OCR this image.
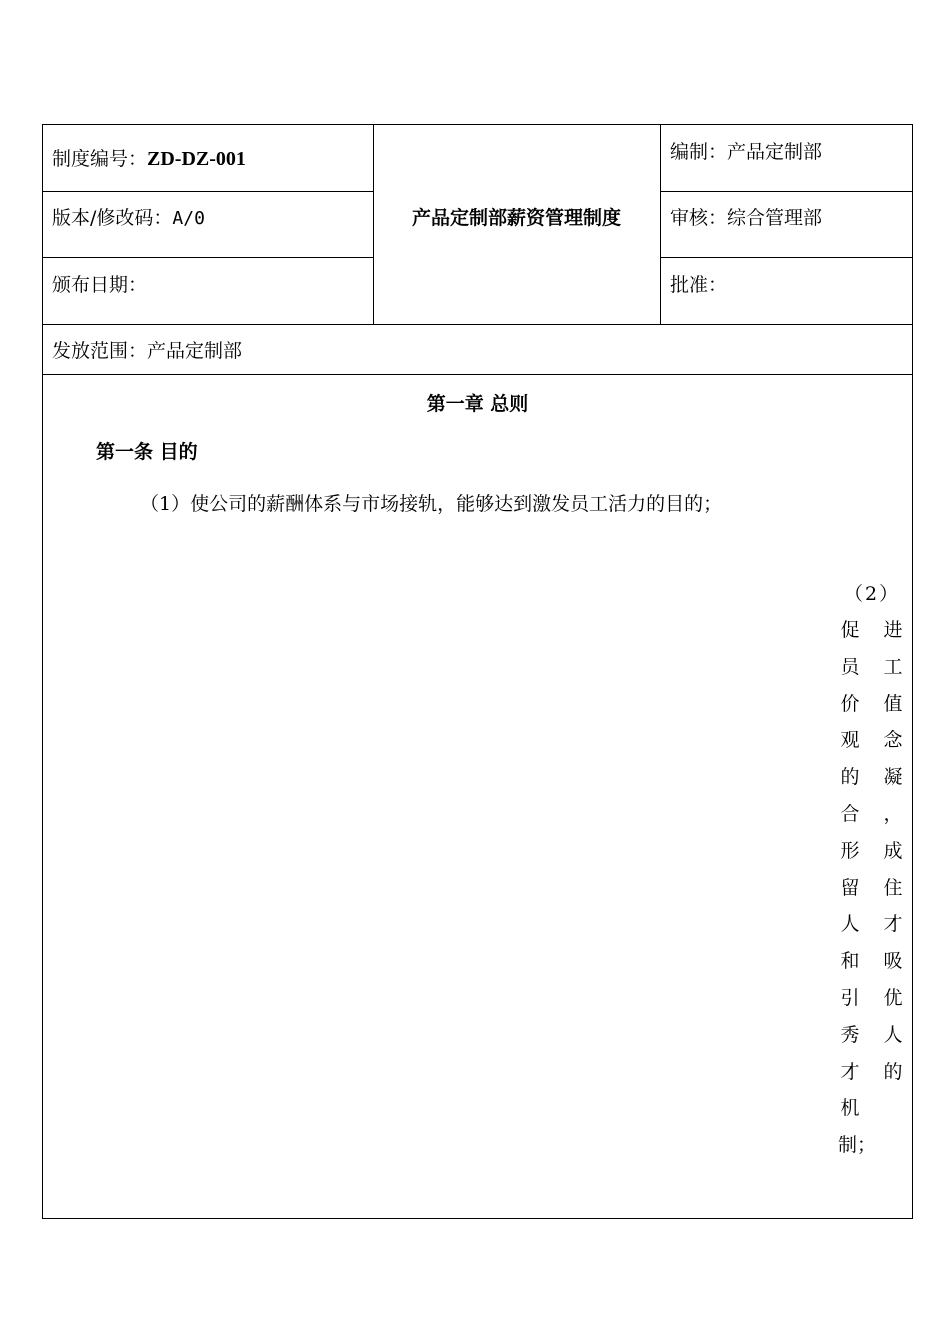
制度编号：ZD-DZ-001
版本/修改码：A/0
颁布日期：
产品定制部薪资管理制度
编制：产品定制部
审核：综合管理部
批准：
发放范围：产品定制部
第一章 总则
第一条 目的
（1）使公司的薪酬体系与市场接轨，能够达到激发员工活力的目的；
（2）
促
员
价
观
的
合
形
留
人
和
引
秀
才
机
制；
进
工
值
念
凝
，
成
住
才
吸
优
人
的
